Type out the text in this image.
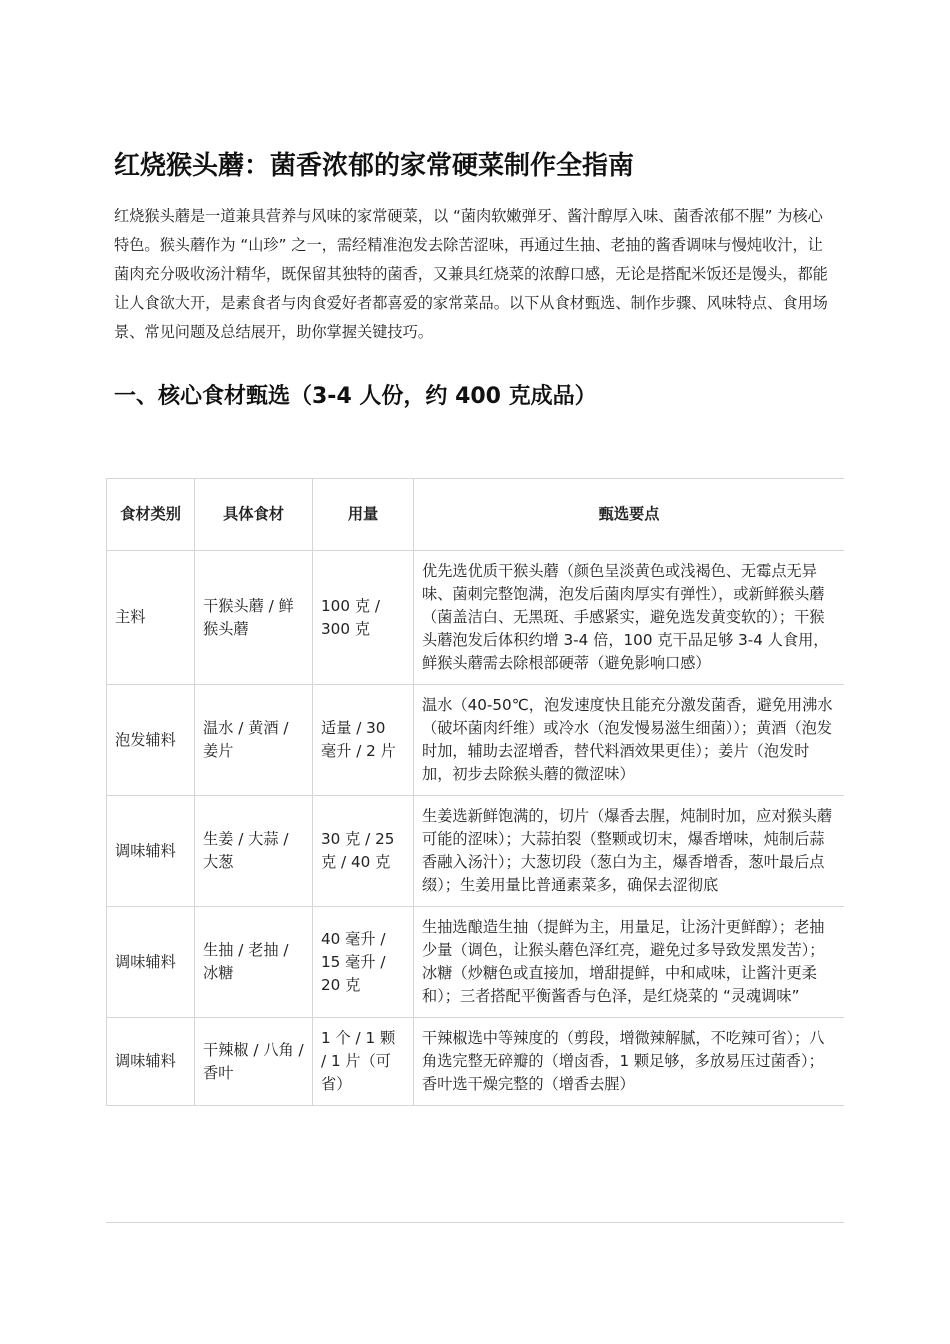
红烧猴头蘑：菌香浓郁的家常硬菜制作全指南

红烧猴头蘑是一道兼具营养与风味的家常硬菜，以 “菌肉软嫩弹牙、酱汁醇厚入味、菌香浓郁不腥” 为核心特色。猴头蘑作为 “山珍” 之一，需经精准泡发去除苦涩味，再通过生抽、老抽的酱香调味与慢炖收汁，让菌肉充分吸收汤汁精华，既保留其独特的菌香，又兼具红烧菜的浓醇口感，无论是搭配米饭还是馒头，都能让人食欲大开，是素食者与肉食爱好者都喜爱的家常菜品。以下从食材甄选、制作步骤、风味特点、食用场景、常见问题及总结展开，助你掌握关键技巧。

一、核心食材甄选（3-4 人份，约 400 克成品）
食材类别	具体食材	用量	甄选要点
主料	干猴头蘑 / 鲜猴头蘑	100 克 / 300 克	优先选优质干猴头蘑（颜色呈淡黄色或浅褐色、无霉点无异味、菌刺完整饱满，泡发后菌肉厚实有弹性），或新鲜猴头蘑（菌盖洁白、无黑斑、手感紧实，避免选发黄变软的）；干猴头蘑泡发后体积约增 3-4 倍，100 克干品足够 3-4 人食用，鲜猴头蘑需去除根部硬蒂（避免影响口感）
泡发辅料	温水 / 黄酒 / 姜片	适量 / 30 毫升 / 2 片	温水（40-50℃，泡发速度快且能充分激发菌香，避免用沸水（破坏菌肉纤维）或冷水（泡发慢易滋生细菌））；黄酒（泡发时加，辅助去涩增香，替代料酒效果更佳）；姜片（泡发时加，初步去除猴头蘑的微涩味）
调味辅料	生姜 / 大蒜 / 大葱	30 克 / 25 克 / 40 克	生姜选新鲜饱满的，切片（爆香去腥，炖制时加，应对猴头蘑可能的涩味）；大蒜拍裂（整颗或切末，爆香增味，炖制后蒜香融入汤汁）；大葱切段（葱白为主，爆香增香，葱叶最后点缀）；生姜用量比普通素菜多，确保去涩彻底
调味辅料	生抽 / 老抽 / 冰糖	40 毫升 / 15 毫升 / 20 克	生抽选酿造生抽（提鲜为主，用量足，让汤汁更鲜醇）；老抽少量（调色，让猴头蘑色泽红亮，避免过多导致发黑发苦）；冰糖（炒糖色或直接加，增甜提鲜，中和咸味，让酱汁更柔和）；三者搭配平衡酱香与色泽，是红烧菜的 “灵魂调味”
调味辅料	干辣椒 / 八角 / 香叶	1 个 / 1 颗 / 1 片（可省）	干辣椒选中等辣度的（剪段，增微辣解腻，不吃辣可省）；八角选完整无碎瓣的（增卤香，1 颗足够，多放易压过菌香）；香叶选干燥完整的（增香去腥）
